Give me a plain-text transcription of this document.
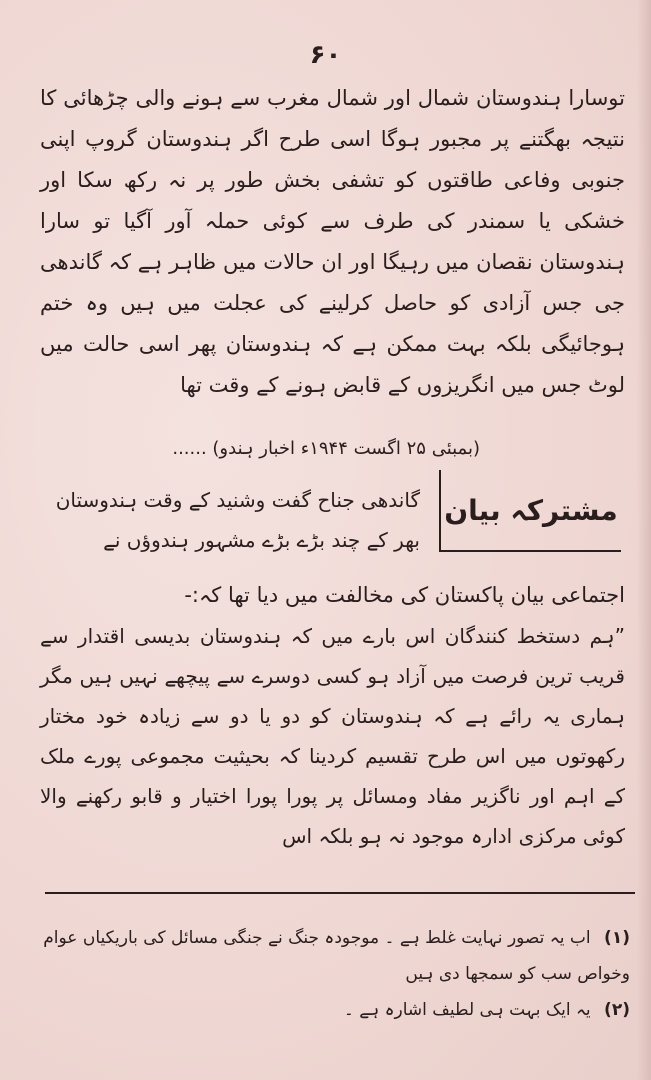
۶۰
توسارا ہندوستان شمال اور شمال مغرب سے ہونے والی چڑھائی کا نتیجہ بھگتنے پر مجبور ہوگا اسی طرح اگر ہندوستان گروپ اپنی جنوبی وفاعی طاقتوں کو تشفی بخش طور پر نہ رکھ سکا اور خشکی یا سمندر کی طرف سے کوئی حملہ آور آگیا تو سارا ہندوستان نقصان میں رہیگا اور ان حالات میں ظاہر ہے کہ گاندھی جی جس آزادی کو حاصل کرلینے کی عجلت میں ہیں وہ ختم ہوجائیگی بلکہ بہت ممکن ہے کہ ہندوستان پھر اسی حالت میں لوٹ جس میں انگریزوں کے قابض ہونے کے وقت تھا
(بمبئی ۲۵ اگست ۱۹۴۴ء اخبار ہندو) ......
مشترکہ بیان
گاندھی جناح گفت وشنید کے وقت ہندوستان بھر کے چند بڑے بڑے مشہور ہندوؤں نے
اجتماعی بیان پاکستان کی مخالفت میں دیا تھا کہ:-
”ہم دستخط کنندگان اس بارے میں کہ ہندوستان بدیسی اقتدار سے قریب ترین فرصت میں آزاد ہو کسی دوسرے سے پیچھے نہیں ہیں مگر ہماری یہ رائے ہے کہ ہندوستان کو دو یا دو سے زیادہ خود مختار رکھوتوں میں اس طرح تقسیم کردینا کہ بحیثیت مجموعی پورے ملک کے اہم اور ناگزیر مفاد ومسائل پر پورا پورا اختیار و قابو رکھنے والا کوئی مرکزی ادارہ موجود نہ ہو بلکہ اس
(۱) اب یہ تصور نہایت غلط ہے ۔ موجودہ جنگ نے جنگی مسائل کی باریکیاں عوام وخواص سب کو سمجھا دی ہیں
(۲) یہ ایک بہت ہی لطیف اشارہ ہے ۔
